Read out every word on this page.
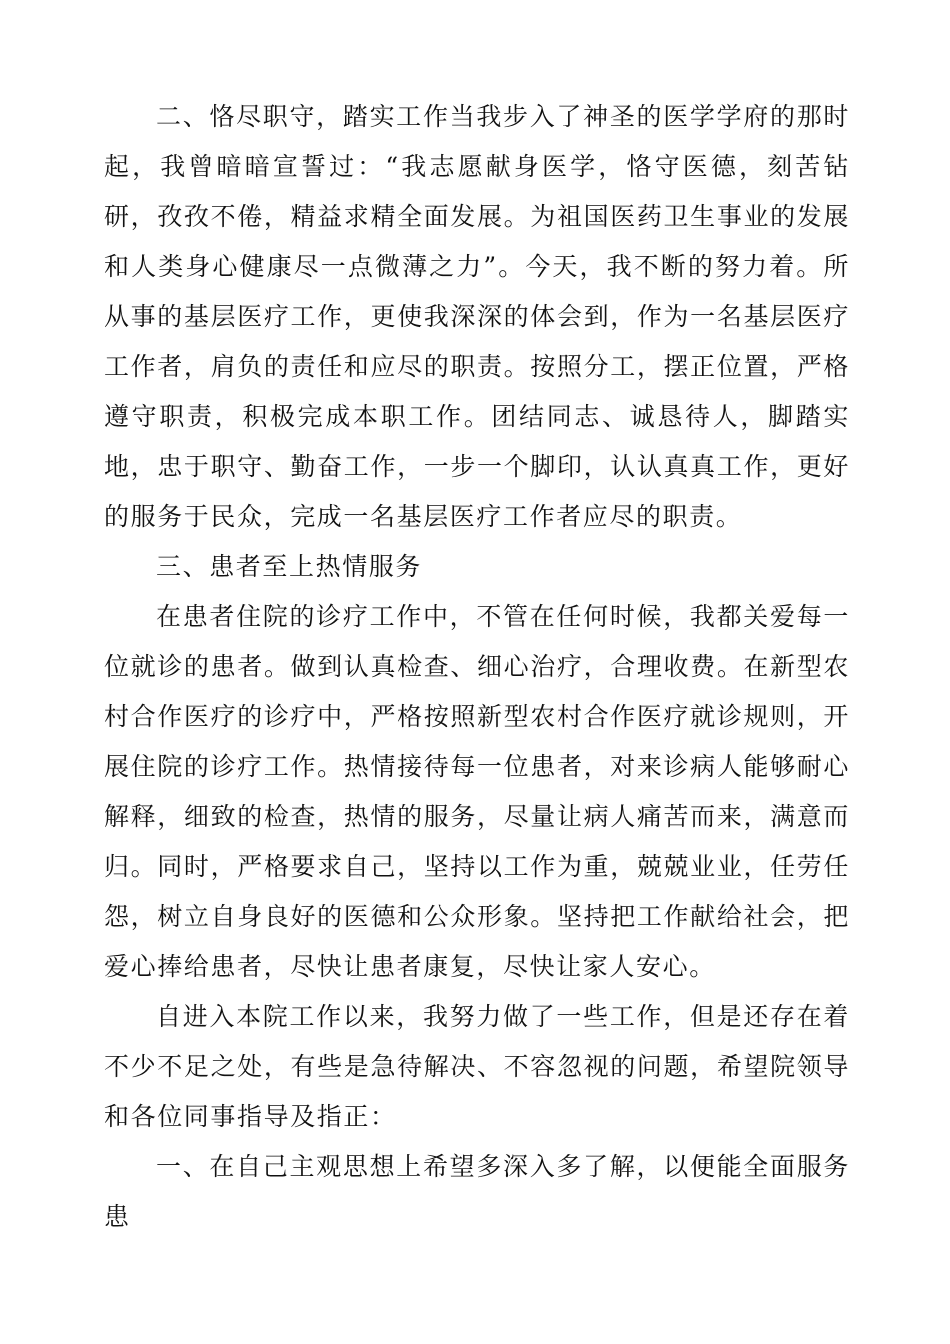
二、恪尽职守，踏实工作当我步入了神圣的医学学府的那时起，我曾暗暗宣誓过：“我志愿献身医学，恪守医德，刻苦钻研，孜孜不倦，精益求精全面发展。为祖国医药卫生事业的发展和人类身心健康尽一点微薄之力”。今天，我不断的努力着。所从事的基层医疗工作，更使我深深的体会到，作为一名基层医疗工作者，肩负的责任和应尽的职责。按照分工，摆正位置，严格遵守职责，积极完成本职工作。团结同志、诚恳待人，脚踏实地，忠于职守、勤奋工作，一步一个脚印，认认真真工作，更好的服务于民众，完成一名基层医疗工作者应尽的职责。

三、患者至上热情服务

在患者住院的诊疗工作中，不管在任何时候，我都关爱每一位就诊的患者。做到认真检查、细心治疗，合理收费。在新型农村合作医疗的诊疗中，严格按照新型农村合作医疗就诊规则，开展住院的诊疗工作。热情接待每一位患者，对来诊病人能够耐心解释，细致的检查，热情的服务，尽量让病人痛苦而来，满意而归。同时，严格要求自己，坚持以工作为重，兢兢业业，任劳任怨，树立自身良好的医德和公众形象。坚持把工作献给社会，把爱心捧给患者，尽快让患者康复，尽快让家人安心。

自进入本院工作以来，我努力做了一些工作，但是还存在着不少不足之处，有些是急待解决、不容忽视的问题，希望院领导和各位同事指导及指正：

一、在自己主观思想上希望多深入多了解，以便能全面服务患
